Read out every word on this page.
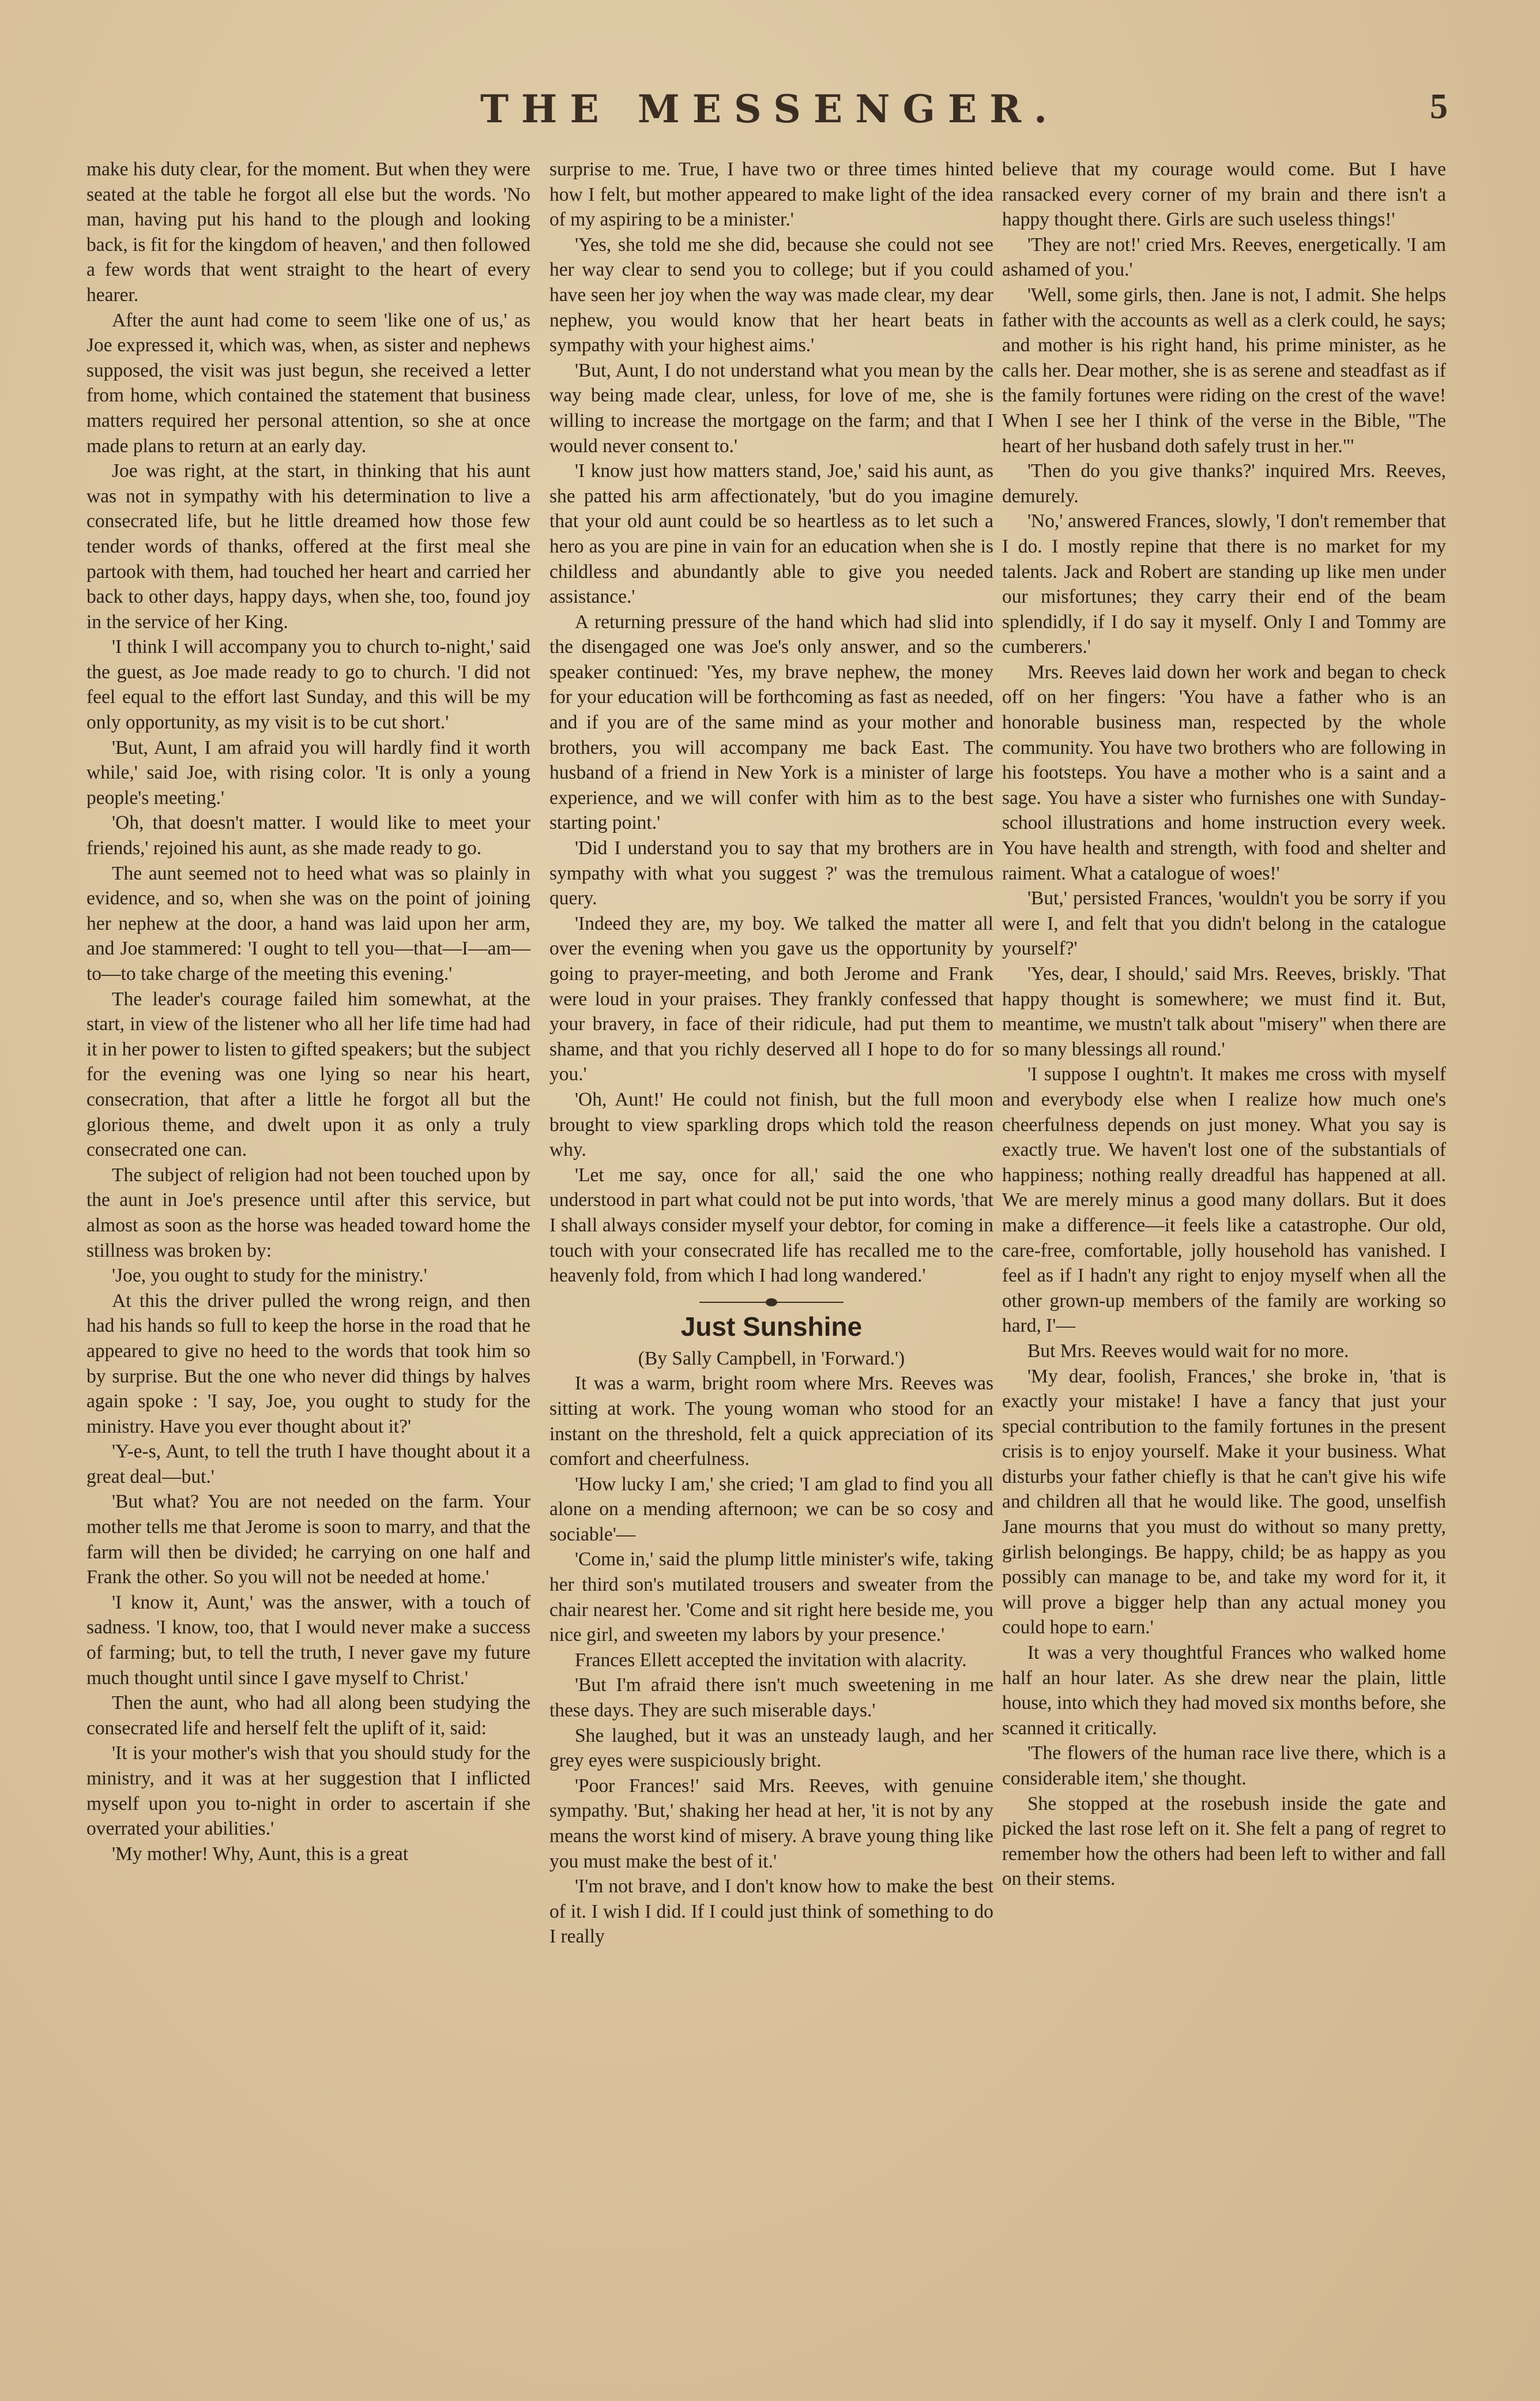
THE MESSENGER.	5

make his duty clear, for the moment. But when they were seated at the table he forgot all else but the words. 'No man, having put his hand to the plough and looking back, is fit for the kingdom of heaven,' and then followed a few words that went straight to the heart of every hearer.

After the aunt had come to seem 'like one of us,' as Joe expressed it, which was, when, as sister and nephews supposed, the visit was just begun, she received a letter from home, which contained the statement that business matters required her personal attention, so she at once made plans to return at an early day.

Joe was right, at the start, in thinking that his aunt was not in sympathy with his determination to live a consecrated life, but he little dreamed how those few tender words of thanks, offered at the first meal she partook with them, had touched her heart and carried her back to other days, happy days, when she, too, found joy in the service of her King.

'I think I will accompany you to church to-night,' said the guest, as Joe made ready to go to church. 'I did not feel equal to the effort last Sunday, and this will be my only opportunity, as my visit is to be cut short.'

'But, Aunt, I am afraid you will hardly find it worth while,' said Joe, with rising color. 'It is only a young people's meeting.'

'Oh, that doesn't matter. I would like to meet your friends,' rejoined his aunt, as she made ready to go.

The aunt seemed not to heed what was so plainly in evidence, and so, when she was on the point of joining her nephew at the door, a hand was laid upon her arm, and Joe stammered: 'I ought to tell you—that—I—am—to—to take charge of the meeting this evening.'

The leader's courage failed him somewhat, at the start, in view of the listener who all her life time had had it in her power to listen to gifted speakers; but the subject for the evening was one lying so near his heart, consecration, that after a little he forgot all but the glorious theme, and dwelt upon it as only a truly consecrated one can.

The subject of religion had not been touched upon by the aunt in Joe's presence until after this service, but almost as soon as the horse was headed toward home the stillness was broken by:

'Joe, you ought to study for the ministry.'

At this the driver pulled the wrong reign, and then had his hands so full to keep the horse in the road that he appeared to give no heed to the words that took him so by surprise. But the one who never did things by halves again spoke : 'I say, Joe, you ought to study for the ministry. Have you ever thought about it?'

'Y-e-s, Aunt, to tell the truth I have thought about it a great deal—but.'

'But what? You are not needed on the farm. Your mother tells me that Jerome is soon to marry, and that the farm will then be divided; he carrying on one half and Frank the other. So you will not be needed at home.'

'I know it, Aunt,' was the answer, with a touch of sadness. 'I know, too, that I would never make a success of farming; but, to tell the truth, I never gave my future much thought until since I gave myself to Christ.'

Then the aunt, who had all along been studying the consecrated life and herself felt the uplift of it, said:

'It is your mother's wish that you should study for the ministry, and it was at her suggestion that I inflicted myself upon you to-night in order to ascertain if she overrated your abilities.'

'My mother! Why, Aunt, this is a great

surprise to me. True, I have two or three times hinted how I felt, but mother appeared to make light of the idea of my aspiring to be a minister.'

'Yes, she told me she did, because she could not see her way clear to send you to college; but if you could have seen her joy when the way was made clear, my dear nephew, you would know that her heart beats in sympathy with your highest aims.'

'But, Aunt, I do not understand what you mean by the way being made clear, unless, for love of me, she is willing to increase the mortgage on the farm; and that I would never consent to.'

'I know just how matters stand, Joe,' said his aunt, as she patted his arm affectionately, 'but do you imagine that your old aunt could be so heartless as to let such a hero as you are pine in vain for an education when she is childless and abundantly able to give you needed assistance.'

A returning pressure of the hand which had slid into the disengaged one was Joe's only answer, and so the speaker continued: 'Yes, my brave nephew, the money for your education will be forthcoming as fast as needed, and if you are of the same mind as your mother and brothers, you will accompany me back East. The husband of a friend in New York is a minister of large experience, and we will confer with him as to the best starting point.'

'Did I understand you to say that my brothers are in sympathy with what you suggest ?' was the tremulous query.

'Indeed they are, my boy. We talked the matter all over the evening when you gave us the opportunity by going to prayer-meeting, and both Jerome and Frank were loud in your praises. They frankly confessed that your bravery, in face of their ridicule, had put them to shame, and that you richly deserved all I hope to do for you.'

'Oh, Aunt!' He could not finish, but the full moon brought to view sparkling drops which told the reason why.

'Let me say, once for all,' said the one who understood in part what could not be put into words, 'that I shall always consider myself your debtor, for coming in touch with your consecrated life has recalled me to the heavenly fold, from which I had long wandered.'

Just Sunshine

(By Sally Campbell, in 'Forward.')

It was a warm, bright room where Mrs. Reeves was sitting at work. The young woman who stood for an instant on the threshold, felt a quick appreciation of its comfort and cheerfulness.

'How lucky I am,' she cried; 'I am glad to find you all alone on a mending afternoon; we can be so cosy and sociable'—

'Come in,' said the plump little minister's wife, taking her third son's mutilated trousers and sweater from the chair nearest her. 'Come and sit right here beside me, you nice girl, and sweeten my labors by your presence.'

Frances Ellett accepted the invitation with alacrity.

'But I'm afraid there isn't much sweetening in me these days. They are such miserable days.'

She laughed, but it was an unsteady laugh, and her grey eyes were suspiciously bright.

'Poor Frances!' said Mrs. Reeves, with genuine sympathy. 'But,' shaking her head at her, 'it is not by any means the worst kind of misery. A brave young thing like you must make the best of it.'

'I'm not brave, and I don't know how to make the best of it. I wish I did. If I could just think of something to do I really

believe that my courage would come. But I have ransacked every corner of my brain and there isn't a happy thought there. Girls are such useless things!'

'They are not!' cried Mrs. Reeves, energetically. 'I am ashamed of you.'

'Well, some girls, then. Jane is not, I admit. She helps father with the accounts as well as a clerk could, he says; and mother is his right hand, his prime minister, as he calls her. Dear mother, she is as serene and steadfast as if the family fortunes were riding on the crest of the wave! When I see her I think of the verse in the Bible, "The heart of her husband doth safely trust in her."'

'Then do you give thanks?' inquired Mrs. Reeves, demurely.

'No,' answered Frances, slowly, 'I don't remember that I do. I mostly repine that there is no market for my talents. Jack and Robert are standing up like men under our misfortunes; they carry their end of the beam splendidly, if I do say it myself. Only I and Tommy are cumberers.'

Mrs. Reeves laid down her work and began to check off on her fingers: 'You have a father who is an honorable business man, respected by the whole community. You have two brothers who are following in his footsteps. You have a mother who is a saint and a sage. You have a sister who furnishes one with Sunday-school illustrations and home instruction every week. You have health and strength, with food and shelter and raiment. What a catalogue of woes!'

'But,' persisted Frances, 'wouldn't you be sorry if you were I, and felt that you didn't belong in the catalogue yourself?'

'Yes, dear, I should,' said Mrs. Reeves, briskly. 'That happy thought is somewhere; we must find it. But, meantime, we mustn't talk about "misery" when there are so many blessings all round.'

'I suppose I oughtn't. It makes me cross with myself and everybody else when I realize how much one's cheerfulness depends on just money. What you say is exactly true. We haven't lost one of the substantials of happiness; nothing really dreadful has happened at all. We are merely minus a good many dollars. But it does make a difference—it feels like a catastrophe. Our old, care-free, comfortable, jolly household has vanished. I feel as if I hadn't any right to enjoy myself when all the other grown-up members of the family are working so hard, I'—

But Mrs. Reeves would wait for no more.

'My dear, foolish, Frances,' she broke in, 'that is exactly your mistake! I have a fancy that just your special contribution to the family fortunes in the present crisis is to enjoy yourself. Make it your business. What disturbs your father chiefly is that he can't give his wife and children all that he would like. The good, unselfish Jane mourns that you must do without so many pretty, girlish belongings. Be happy, child; be as happy as you possibly can manage to be, and take my word for it, it will prove a bigger help than any actual money you could hope to earn.'

It was a very thoughtful Frances who walked home half an hour later. As she drew near the plain, little house, into which they had moved six months before, she scanned it critically.

'The flowers of the human race live there, which is a considerable item,' she thought.

She stopped at the rosebush inside the gate and picked the last rose left on it. She felt a pang of regret to remember how the others had been left to wither and fall on their stems.
